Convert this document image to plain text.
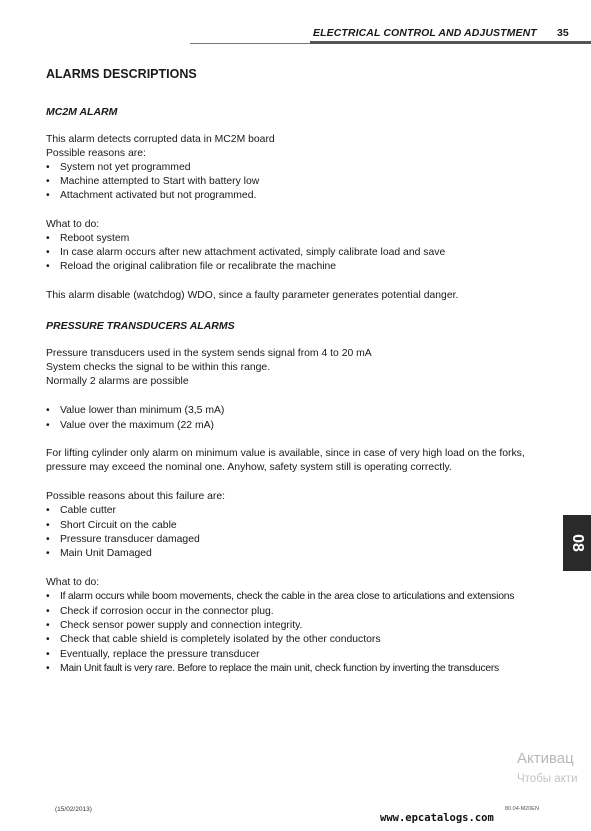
ELECTRICAL CONTROL AND ADJUSTMENT 35
ALARMS DESCRIPTIONS
MC2M ALARM
This alarm detects corrupted data in MC2M board
Possible reasons are:
• System not yet programmed
• Machine attempted to Start with battery low
• Attachment activated but not programmed.
What to do:
• Reboot system
• In case alarm occurs after new attachment activated, simply calibrate load and save
• Reload the original calibration file or recalibrate the machine
This alarm disable (watchdog) WDO, since a faulty parameter generates potential danger.
PRESSURE TRANSDUCERS ALARMS
Pressure transducers used in the system sends signal from 4 to 20 mA
System checks the signal to be within this range.
Normally 2 alarms are possible
• Value lower than minimum (3,5 mA)
• Value over the maximum (22 mA)
For lifting cylinder only alarm on minimum value is available, since in case of very high load on the forks,
pressure may exceed the nominal one. Anyhow, safety system still is operating correctly.
Possible reasons about this failure are:
• Cable cutter
• Short Circuit on the cable
• Pressure transducer damaged
• Main Unit Damaged
What to do:
• If alarm occurs while boom movements, check the cable in the area close to articulations and extensions
• Check if corrosion occur in the connector plug.
• Check sensor power supply and connection integrity.
• Check that cable shield is completely isolated by the other conductors
• Eventually, replace the pressure transducer
• Main Unit fault is very rare. Before to replace the main unit, check function by inverting the transducers
08
Активац
Чтобы акти
(15/02/2013)	80.04-M20EN
www.epcatalogs.com
